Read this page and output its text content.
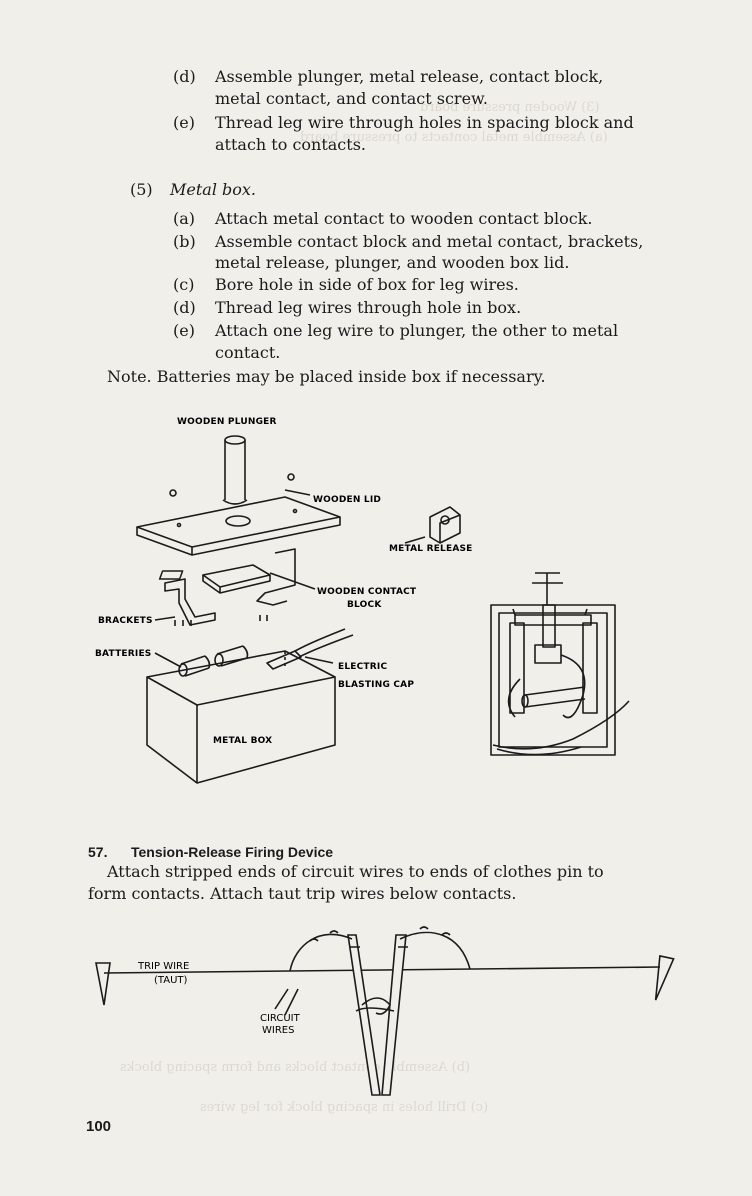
(3) Wooden pressure board
(a) Assemble metal contacts to pressure board
(b) Assemble contact blocks and form spacing blocks
(c) Drill holes in spacing block for leg wires
(d) Assemble plunger, metal release, contact block,
metal contact, and contact screw.
(e) Thread leg wire through holes in spacing block and
attach to contacts.
(5) Metal box.
(a) Attach metal contact to wooden contact block.
(b) Assemble contact block and metal contact, brackets,
metal release, plunger, and wooden box lid.
(c) Bore hole in side of box for leg wires.
(d) Thread leg wires through hole in box.
(e) Attach one leg wire to plunger, the other to metal
contact.
Note. Batteries may be placed inside box if necessary.
WOODEN PLUNGER
WOODEN LID
METAL RELEASE
WOODEN CONTACT
BLOCK
BRACKETS
BATTERIES
ELECTRIC
BLASTING CAP
METAL BOX
57. Tension-Release Firing Device
Attach stripped ends of circuit wires to ends of clothes pin to
form contacts. Attach taut trip wires below contacts.
TRIP WIRE
(TAUT)
CIRCUIT
WIRES
100
